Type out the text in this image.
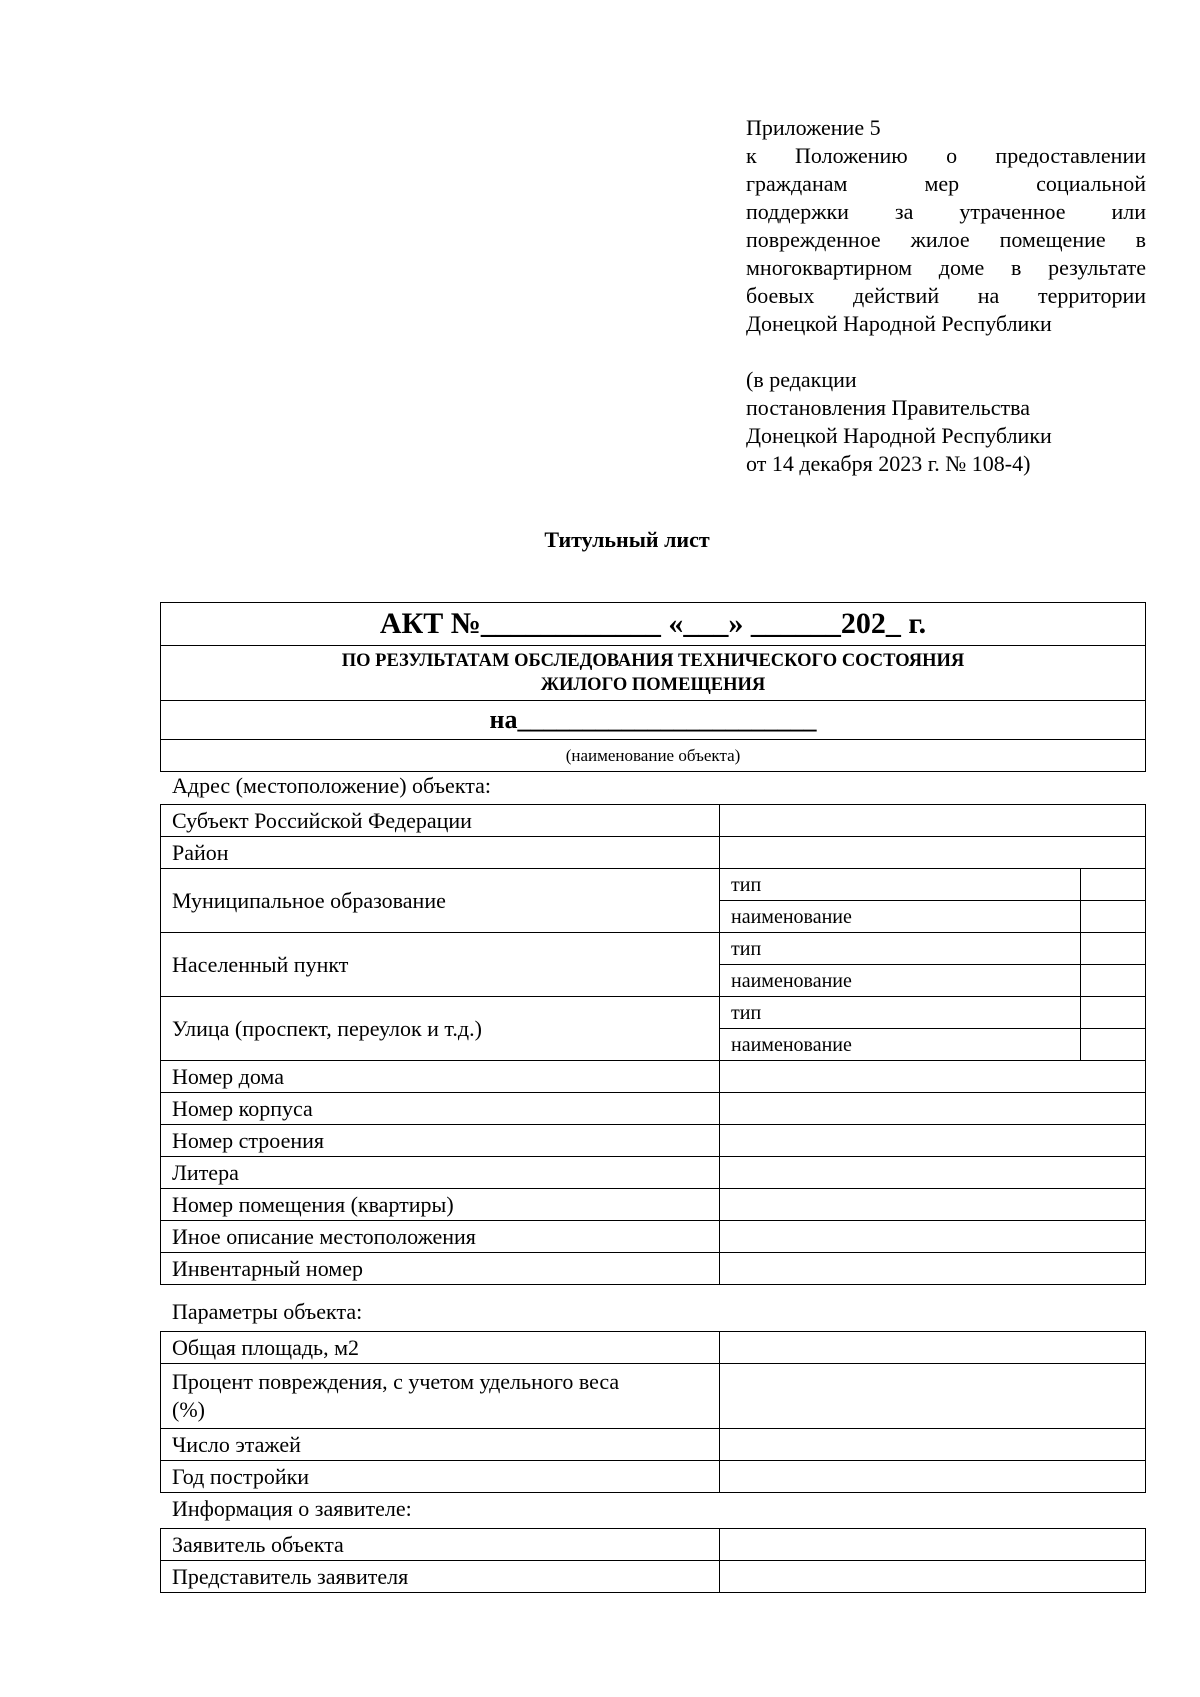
Приложение 5
к Положению о предоставлении
гражданам мер социальной
поддержки за утраченное или
поврежденное жилое помещение в
многоквартирном доме в результате
боевых действий на территории
Донецкой Народной Республики
(в редакции
постановления Правительства
Донецкой Народной Республики
от 14 декабря 2023 г. № 108-4)
Титульный лист
АКТ №____________ «___» ______202_ г.

ПО РЕЗУЛЬТАТАМ ОБСЛЕДОВАНИЯ ТЕХНИЧЕСКОГО СОСТОЯНИЯ
ЖИЛОГО ПОМЕЩЕНИЯ

на_______________________
(наименование объекта)
Адрес (местоположение) объекта:
Субъект Российской Федерации		
Район		
Муниципальное образование	тип	
	наименование	
Населенный пункт	тип	
	наименование	
Улица (проспект, переулок и т.д.)	тип	
	наименование	
Номер дома		
Номер корпуса		
Номер строения		
Литера		
Номер помещения (квартиры)		
Иное описание местоположения		
Инвентарный номер		
Параметры объекта:
Общая площадь, м2	

Процент повреждения, с учетом удельного веса
(%)	

Число этажей	
Год постройки	
Информация о заявителе:
Заявитель объекта	
Представитель заявителя	
